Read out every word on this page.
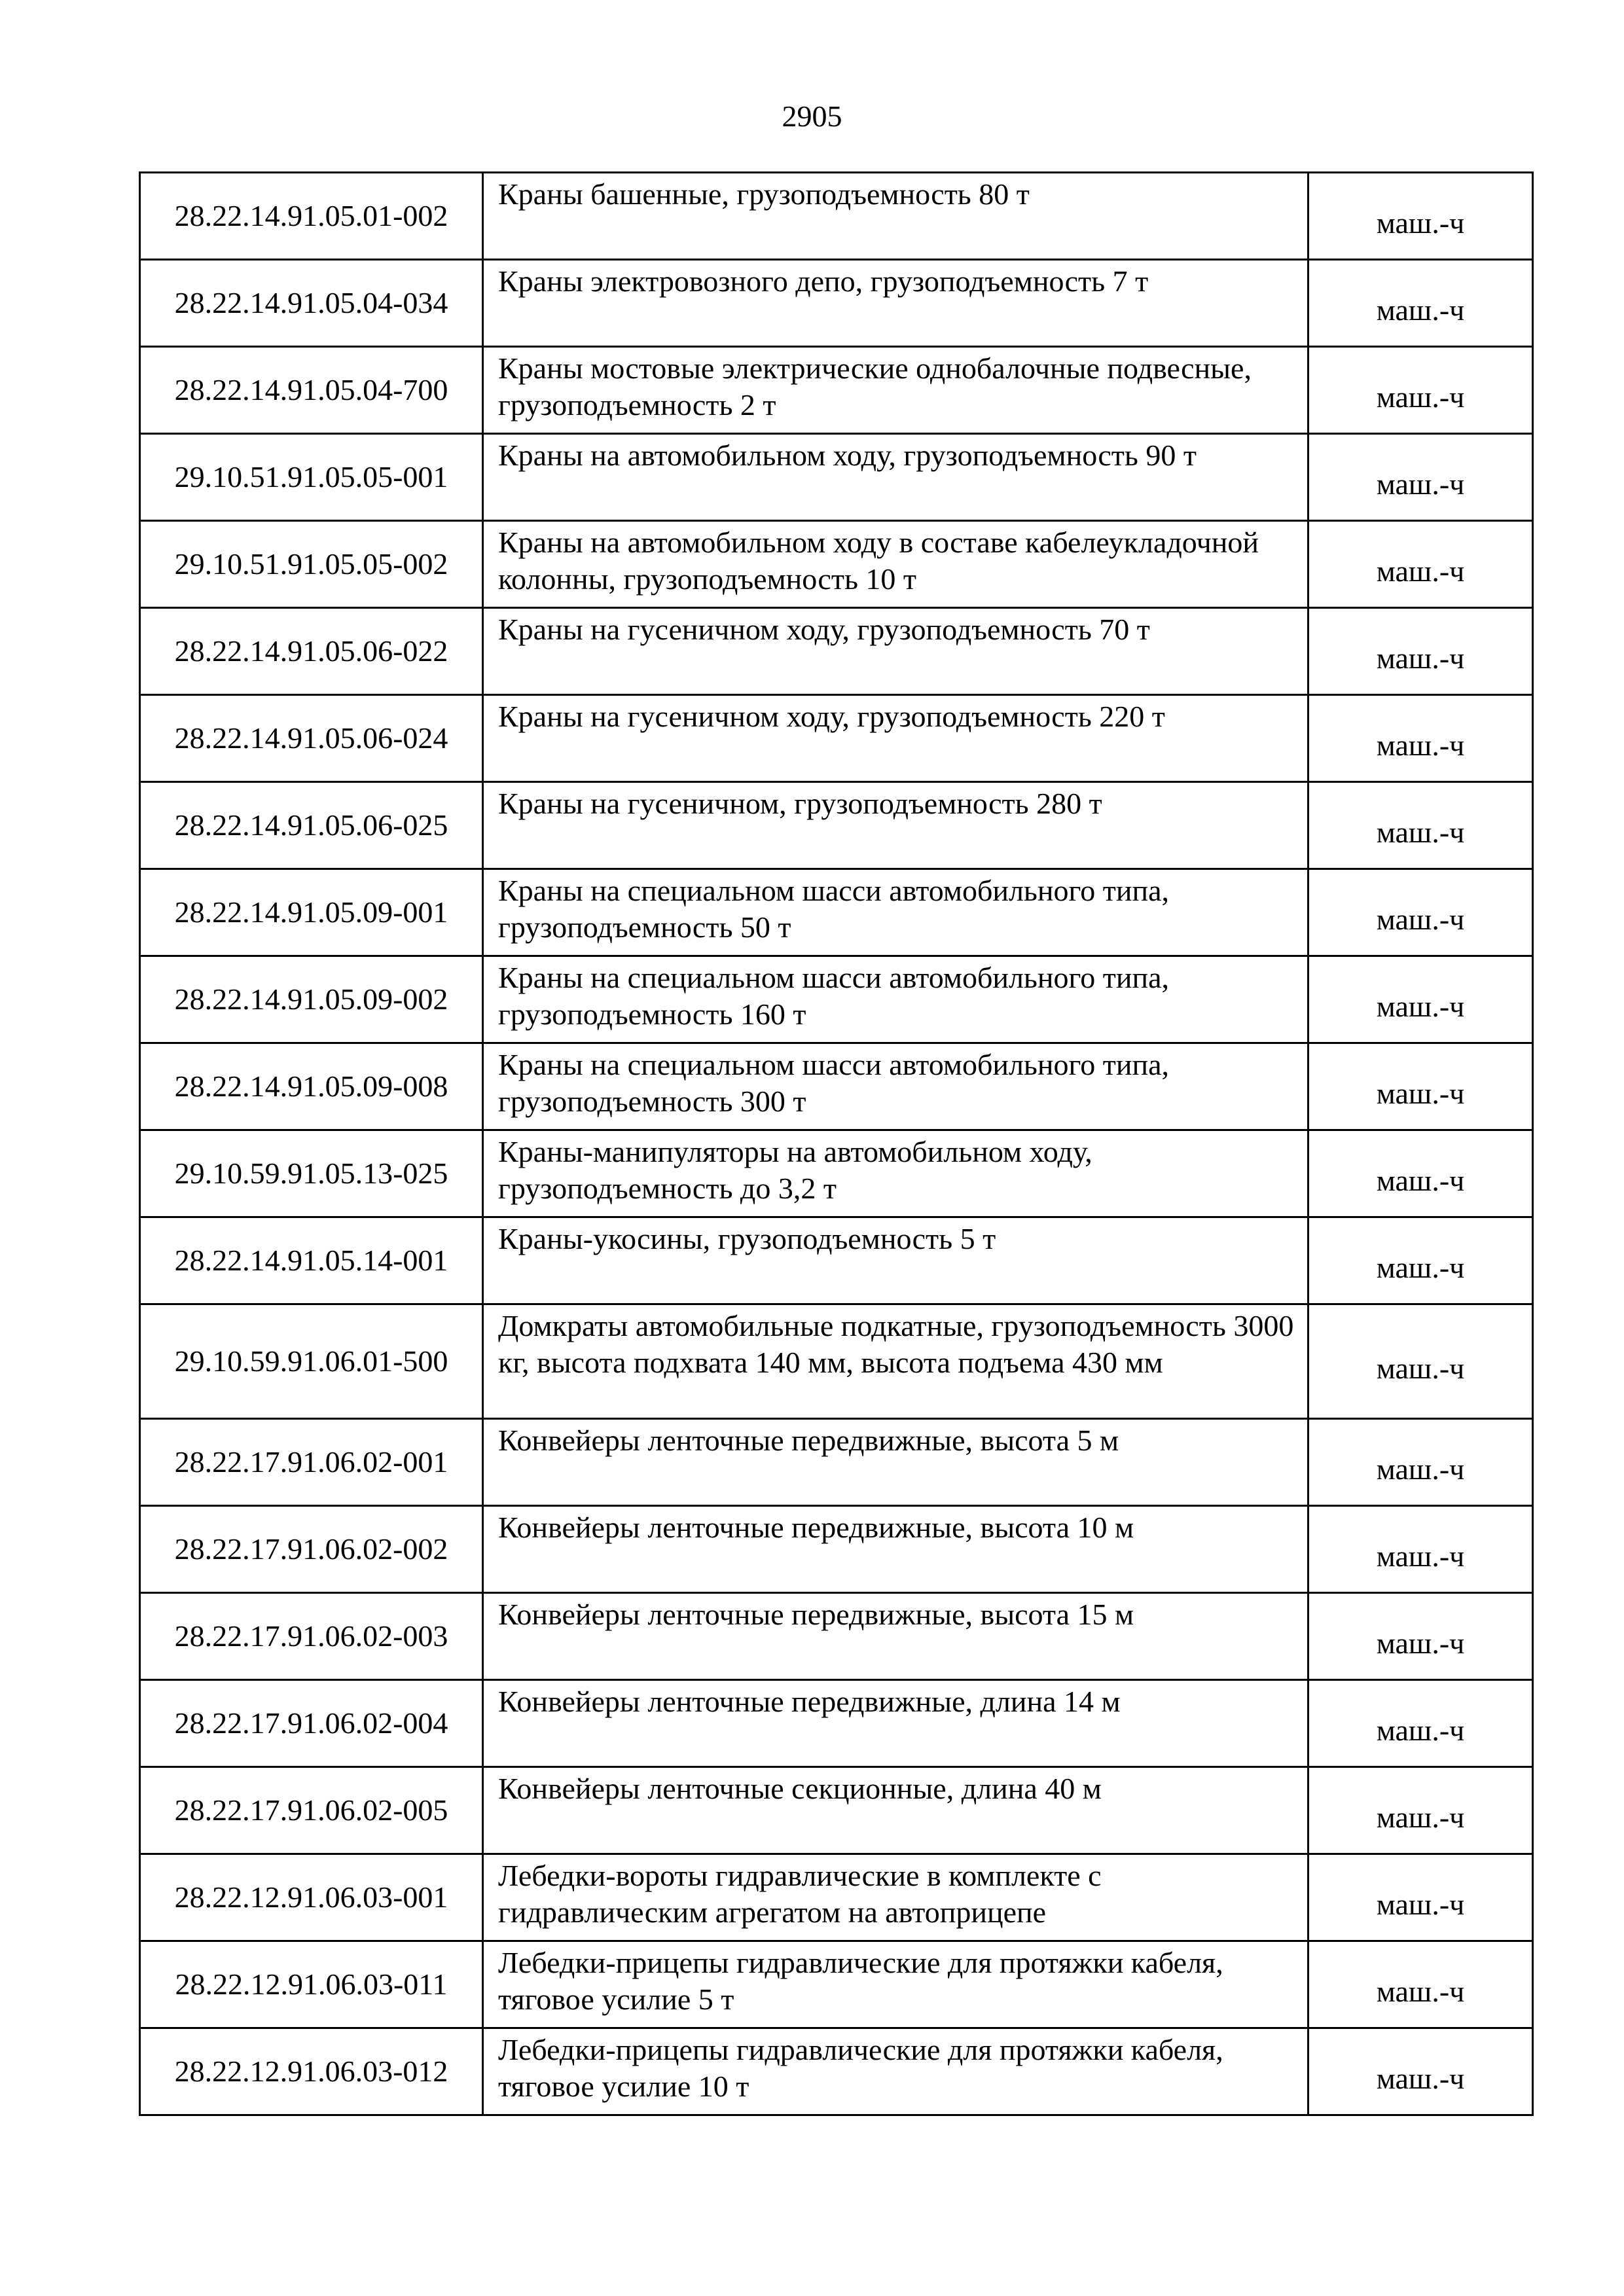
2905
28.22.14.91.05.01-002	Краны башенные, грузоподъемность 80 т	маш.-ч
28.22.14.91.05.04-034	Краны электровозного депо, грузоподъемность 7 т	маш.-ч
28.22.14.91.05.04-700	Краны мостовые электрические однобалочные подвесные, грузоподъемность 2 т	маш.-ч
29.10.51.91.05.05-001	Краны на автомобильном ходу, грузоподъемность 90 т	маш.-ч
29.10.51.91.05.05-002	Краны на автомобильном ходу в составе кабелеукладочной колонны, грузоподъемность 10 т	маш.-ч
28.22.14.91.05.06-022	Краны на гусеничном ходу, грузоподъемность 70 т	маш.-ч
28.22.14.91.05.06-024	Краны на гусеничном ходу, грузоподъемность 220 т	маш.-ч
28.22.14.91.05.06-025	Краны на гусеничном, грузоподъемность 280 т	маш.-ч
28.22.14.91.05.09-001	Краны на специальном шасси автомобильного типа, грузоподъемность 50 т	маш.-ч
28.22.14.91.05.09-002	Краны на специальном шасси автомобильного типа, грузоподъемность 160 т	маш.-ч
28.22.14.91.05.09-008	Краны на специальном шасси автомобильного типа, грузоподъемность 300 т	маш.-ч
29.10.59.91.05.13-025	Краны-манипуляторы на автомобильном ходу, грузоподъемность до 3,2 т	маш.-ч
28.22.14.91.05.14-001	Краны-укосины, грузоподъемность 5 т	маш.-ч
29.10.59.91.06.01-500	Домкраты автомобильные подкатные, грузоподъемность 3000 кг, высота подхвата 140 мм, высота подъема 430 мм	маш.-ч
28.22.17.91.06.02-001	Конвейеры ленточные передвижные, высота 5 м	маш.-ч
28.22.17.91.06.02-002	Конвейеры ленточные передвижные, высота 10 м	маш.-ч
28.22.17.91.06.02-003	Конвейеры ленточные передвижные, высота 15 м	маш.-ч
28.22.17.91.06.02-004	Конвейеры ленточные передвижные, длина 14 м	маш.-ч
28.22.17.91.06.02-005	Конвейеры ленточные секционные, длина 40 м	маш.-ч
28.22.12.91.06.03-001	Лебедки-вороты гидравлические в комплекте с гидравлическим агрегатом на автоприцепе	маш.-ч
28.22.12.91.06.03-011	Лебедки-прицепы гидравлические для протяжки кабеля, тяговое усилие 5 т	маш.-ч
28.22.12.91.06.03-012	Лебедки-прицепы гидравлические для протяжки кабеля, тяговое усилие 10 т	маш.-ч
